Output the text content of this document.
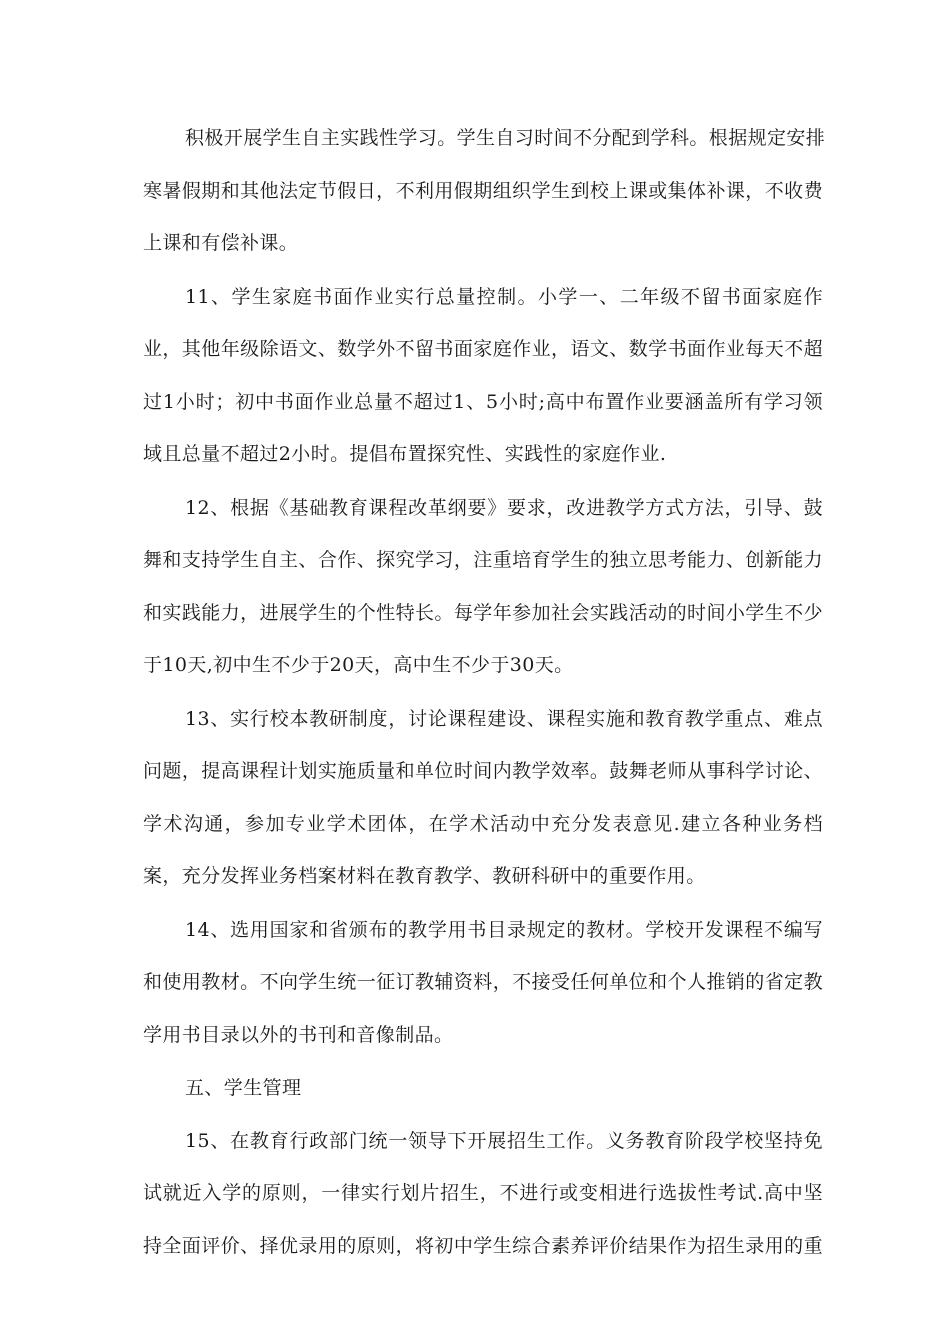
积极开展学生自主实践性学习。学生自习时间不分配到学科。根据规定安排
寒暑假期和其他法定节假日，不利用假期组织学生到校上课或集体补课，不收费
上课和有偿补课。
11、学生家庭书面作业实行总量控制。小学一、二年级不留书面家庭作
业，其他年级除语文、数学外不留书面家庭作业，语文、数学书面作业每天不超
过1小时；初中书面作业总量不超过1、5小时;高中布置作业要涵盖所有学习领
域且总量不超过2小时。提倡布置探究性、实践性的家庭作业.
12、根据《基础教育课程改革纲要》要求，改进教学方式方法，引导、鼓
舞和支持学生自主、合作、探究学习，注重培育学生的独立思考能力、创新能力
和实践能力，进展学生的个性特长。每学年参加社会实践活动的时间小学生不少
于10天,初中生不少于20天，高中生不少于30天。
13、实行校本教研制度，讨论课程建设、课程实施和教育教学重点、难点
问题，提高课程计划实施质量和单位时间内教学效率。鼓舞老师从事科学讨论、
学术沟通，参加专业学术团体，在学术活动中充分发表意见.建立各种业务档
案，充分发挥业务档案材料在教育教学、教研科研中的重要作用。
14、选用国家和省颁布的教学用书目录规定的教材。学校开发课程不编写
和使用教材。不向学生统一征订教辅资料，不接受任何单位和个人推销的省定教
学用书目录以外的书刊和音像制品。
五、学生管理
15、在教育行政部门统一领导下开展招生工作。义务教育阶段学校坚持免
试就近入学的原则，一律实行划片招生，不进行或变相进行选拔性考试.高中坚
持全面评价、择优录用的原则，将初中学生综合素养评价结果作为招生录用的重
